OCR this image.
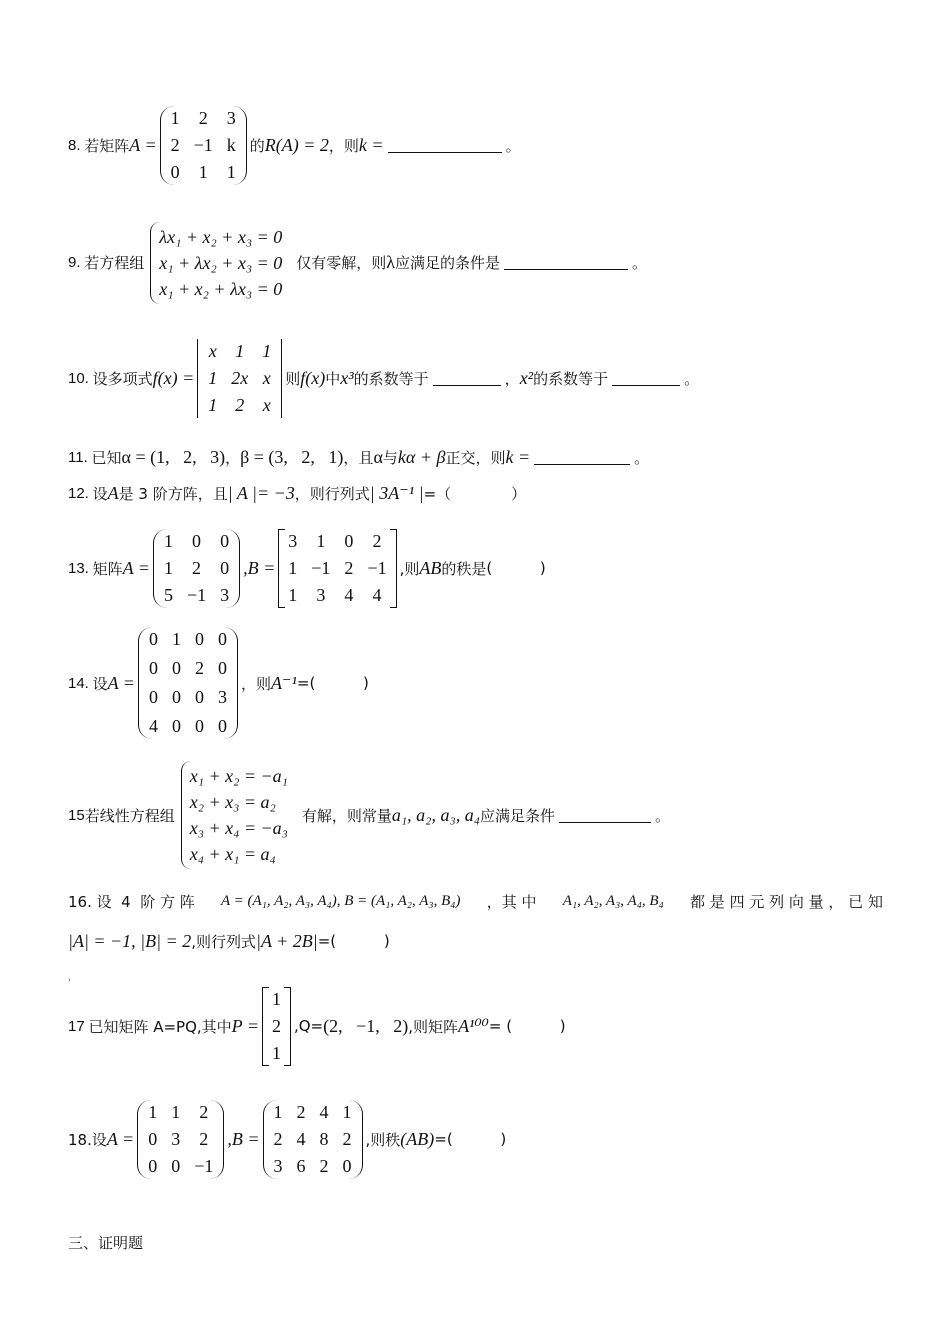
8.
若矩阵 A =
1 2 3
2 −1 k
0 1 1
的 R(A) = 2 ，则 k =	。
9.
若方程组
λx₁ + x₂ + x₃ = 0
x₁ + λx₂ + x₃ = 0
x₁ + x₂ + λx₃ = 0
仅有零解，则 λ 应满足的条件是	。
10.
设多项式 f(x) =
x 1 1
1 2x x
1 2 x
则 f(x) 中 x³ 的系数等于	， x² 的系数等于	。
11.
已知 α = (1,   2,   3) ， β = (3,   2,   1) ，且 α 与 kα + β 正交，则 k =	。
12.
设 A 是 3 阶方阵，且 | A |= −3 ，则行列式 | 3A⁻¹ | =（	）
13.
矩阵 A =
1 0 0
1 2 0
5 −1 3
, B =
3 1 0 2
1 −1 2 −1
1 3 4 4
,则 AB 的秩是 (          )
14.
设 A =
0 1 0 0
0 0 2 0
0 0 0 3
4 0 0 0
，则 A⁻¹ =(          )
15 若线性方程组
x₁ + x₂ = −a₁
x₂ + x₃ = a₂
x₃ + x₄ = −a₃
x₄ + x₁ = a₄
有解，则常量 a₁, a₂, a₃, a₄ 应满足条件	。
16. 设  4  阶 方 阵 A = (A₁, A₂, A₃, A₄), B = (A₁, A₂, A₃, B₄) ，其 中 A₁, A₂, A₃, A₄, B₄ 都 是 四 元 列 向 量 ， 已 知
|A| = −1, |B| = 2 ,则行列式 |A + 2B| =(          )
›
17
已知矩阵 A=PQ,其中 P =
1
2
1
,Q= (2,   −1,   2) ,则矩阵 A¹⁰⁰ = (          )
18.设 A =
1 1 2
0 3 2
0 0 −1
, B =
1 2 4 1
2 4 8 2
3 6 2 0
,则秩 (AB) =(          )
三、证明题
